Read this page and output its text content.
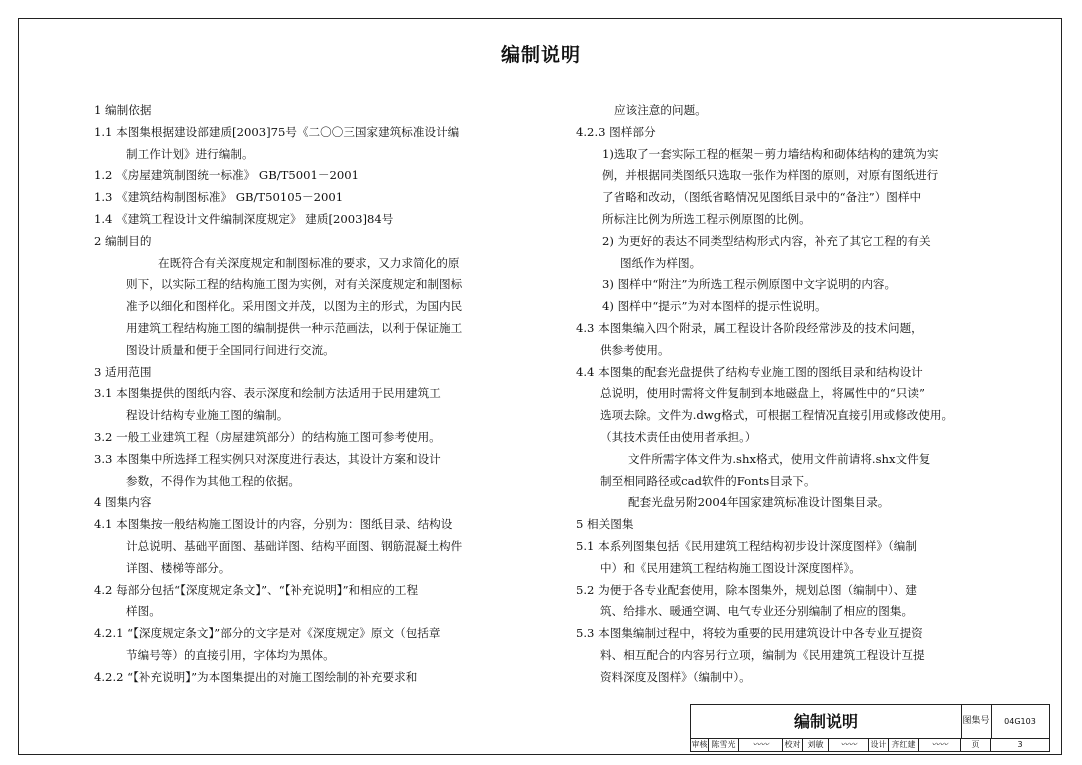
编制说明
1 编制依据
1.1 本图集根据建设部建质[2003]75号《二〇〇三国家建筑标准设计编
制工作计划》进行编制。
1.2 《房屋建筑制图统一标准》 GB/T5001－2001
1.3 《建筑结构制图标准》 GB/T50105－2001
1.4 《建筑工程设计文件编制深度规定》 建质[2003]84号
2 编制目的
在既符合有关深度规定和制图标准的要求，又力求简化的原
则下，以实际工程的结构施工图为实例，对有关深度规定和制图标
准予以细化和图样化。采用图文并茂，以图为主的形式，为国内民
用建筑工程结构施工图的编制提供一种示范画法，以利于保证施工
图设计质量和便于全国同行间进行交流。
3 适用范围
3.1 本图集提供的图纸内容、表示深度和绘制方法适用于民用建筑工
程设计结构专业施工图的编制。
3.2 一般工业建筑工程（房屋建筑部分）的结构施工图可参考使用。
3.3 本图集中所选择工程实例只对深度进行表达，其设计方案和设计
参数，不得作为其他工程的依据。
4 图集内容
4.1 本图集按一般结构施工图设计的内容，分别为：图纸目录、结构设
计总说明、基础平面图、基础详图、结构平面图、钢筋混凝土构件
详图、楼梯等部分。
4.2 每部分包括“【深度规定条文】”、“【补充说明】”和相应的工程
样图。
4.2.1 “【深度规定条文】”部分的文字是对《深度规定》原文（包括章
节编号等）的直接引用，字体均为黑体。
4.2.2 “【补充说明】”为本图集提出的对施工图绘制的补充要求和
应该注意的问题。
4.2.3 图样部分
1)选取了一套实际工程的框架－剪力墙结构和砌体结构的建筑为实
例，并根据同类图纸只选取一张作为样图的原则，对原有图纸进行
了省略和改动，（图纸省略情况见图纸目录中的“备注”）图样中
所标注比例为所选工程示例原图的比例。
2) 为更好的表达不同类型结构形式内容，补充了其它工程的有关
图纸作为样图。
3) 图样中“附注”为所选工程示例原图中文字说明的内容。
4) 图样中“提示”为对本图样的提示性说明。
4.3 本图集编入四个附录，属工程设计各阶段经常涉及的技术问题，
供参考使用。
4.4 本图集的配套光盘提供了结构专业施工图的图纸目录和结构设计
总说明，使用时需将文件复制到本地磁盘上，将属性中的“只读”
选项去除。文件为.dwg格式，可根据工程情况直接引用或修改使用。
（其技术责任由使用者承担。）
文件所需字体文件为.shx格式，使用文件前请将.shx文件复
制至相同路径或cad软件的Fonts目录下。
配套光盘另附2004年国家建筑标准设计图集目录。
5 相关图集
5.1 本系列图集包括《民用建筑工程结构初步设计深度图样》（编制
中）和《民用建筑工程结构施工图设计深度图样》。
5.2 为便于各专业配套使用，除本图集外，规划总图（编制中）、建
筑、给排水、暖通空调、电气专业还分别编制了相应的图集。
5.3 本图集编制过程中，将较为重要的民用建筑设计中各专业互提资
料、相互配合的内容另行立项，编制为《民用建筑工程设计互提
资料深度及图样》（编制中）。
编制说明	图集号	04G103
审核 陈雪光	〰〰	校对 刘敏	〰〰	设计 齐红建	〰〰	页	3
